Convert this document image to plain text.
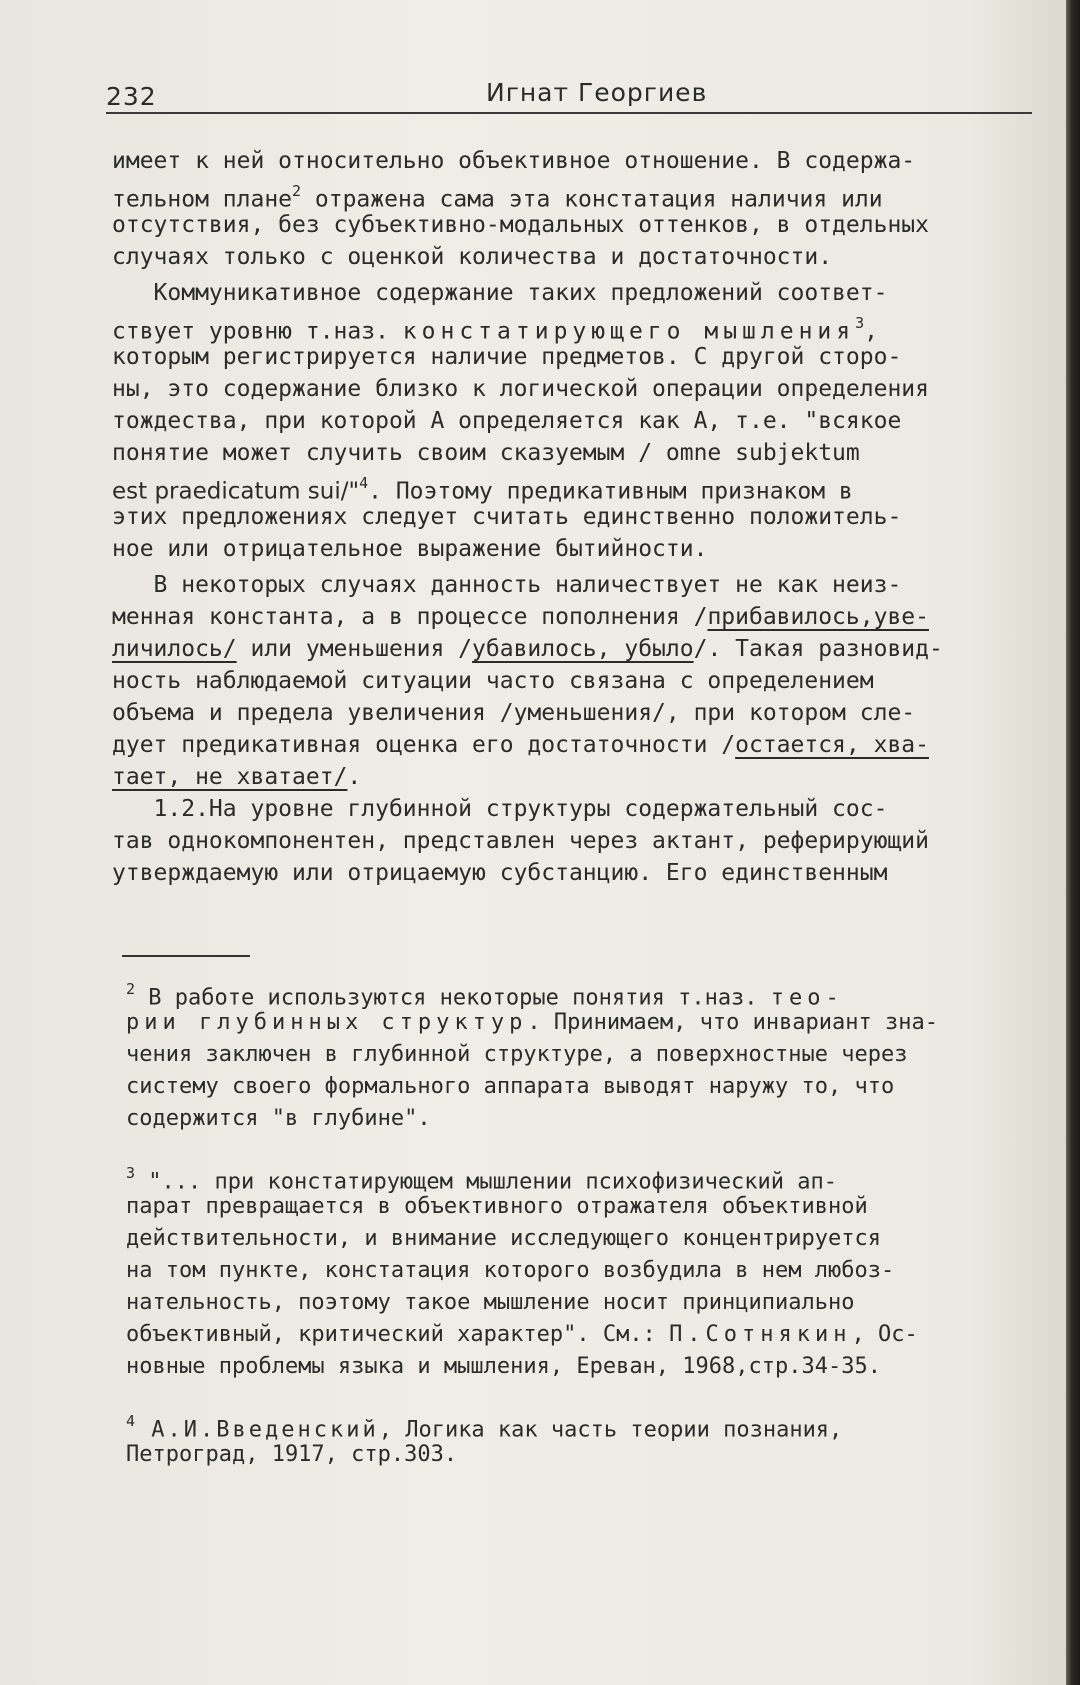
232	Игнат Георгиев
имеет к ней относительно объективное отношение. В содержа-
тельном плане$^2$ отражена сама эта констатация наличия или
отсутствия, без субъективно-модальных оттенков, в отдельных
случаях только с оценкой количества и достаточности.
Коммуникативное содержание таких предложений соответ-
ствует уровню т.наз. констатирующего мышления$^3$,
которым регистрируется наличие предметов. С другой сторо-
ны, это содержание близко к логической операции определения
тождества, при которой A определяется как A, т.е. "всякое
понятие может случить своим сказуемым / omne subjektum
est praedicatum sui/"$^4$. Поэтому предикативным признаком в
этих предложениях следует считать единственно положитель-
ное или отрицательное выражение бытийности.
В некоторых случаях данность наличествует не как неиз-
менная константа, а в процессе пополнения /прибавилось,уве-
личилось/ или уменьшения /убавилось, убыло/. Такая разновид-
ность наблюдаемой ситуации часто связана с определением
объема и предела увеличения /уменьшения/, при котором сле-
дует предикативная оценка его достаточности /остается, хва-
тает, не хватает/.
1.2.На уровне глубинной структуры содержательный сос-
тав однокомпонентен, представлен через актант, реферирующий
утверждаемую или отрицаемую субстанцию. Его единственным
$^2$ В работе используются некоторые понятия т.наз. тео-
рии глубинных структур. Принимаем, что инвариант зна-
чения заключен в глубинной структуре, а поверхностные через
систему своего формального аппарата выводят наружу то, что
содержится "в глубине".
$^3$ "... при констатирующем мышлении психофизический ап-
парат превращается в объективного отражателя объективной
действительности, и внимание исследующего концентрируется
на том пункте, констатация которого возбудила в нем любоз-
нательность, поэтому такое мышление носит принципиально
объективный, критический характер". См.: П.Сотнякин, Ос-
новные проблемы языка и мышления, Ереван, 1968,стр.34-35.
$^4$ А.И.Введенский, Логика как часть теории познания,
Петроград, 1917, стр.303.
